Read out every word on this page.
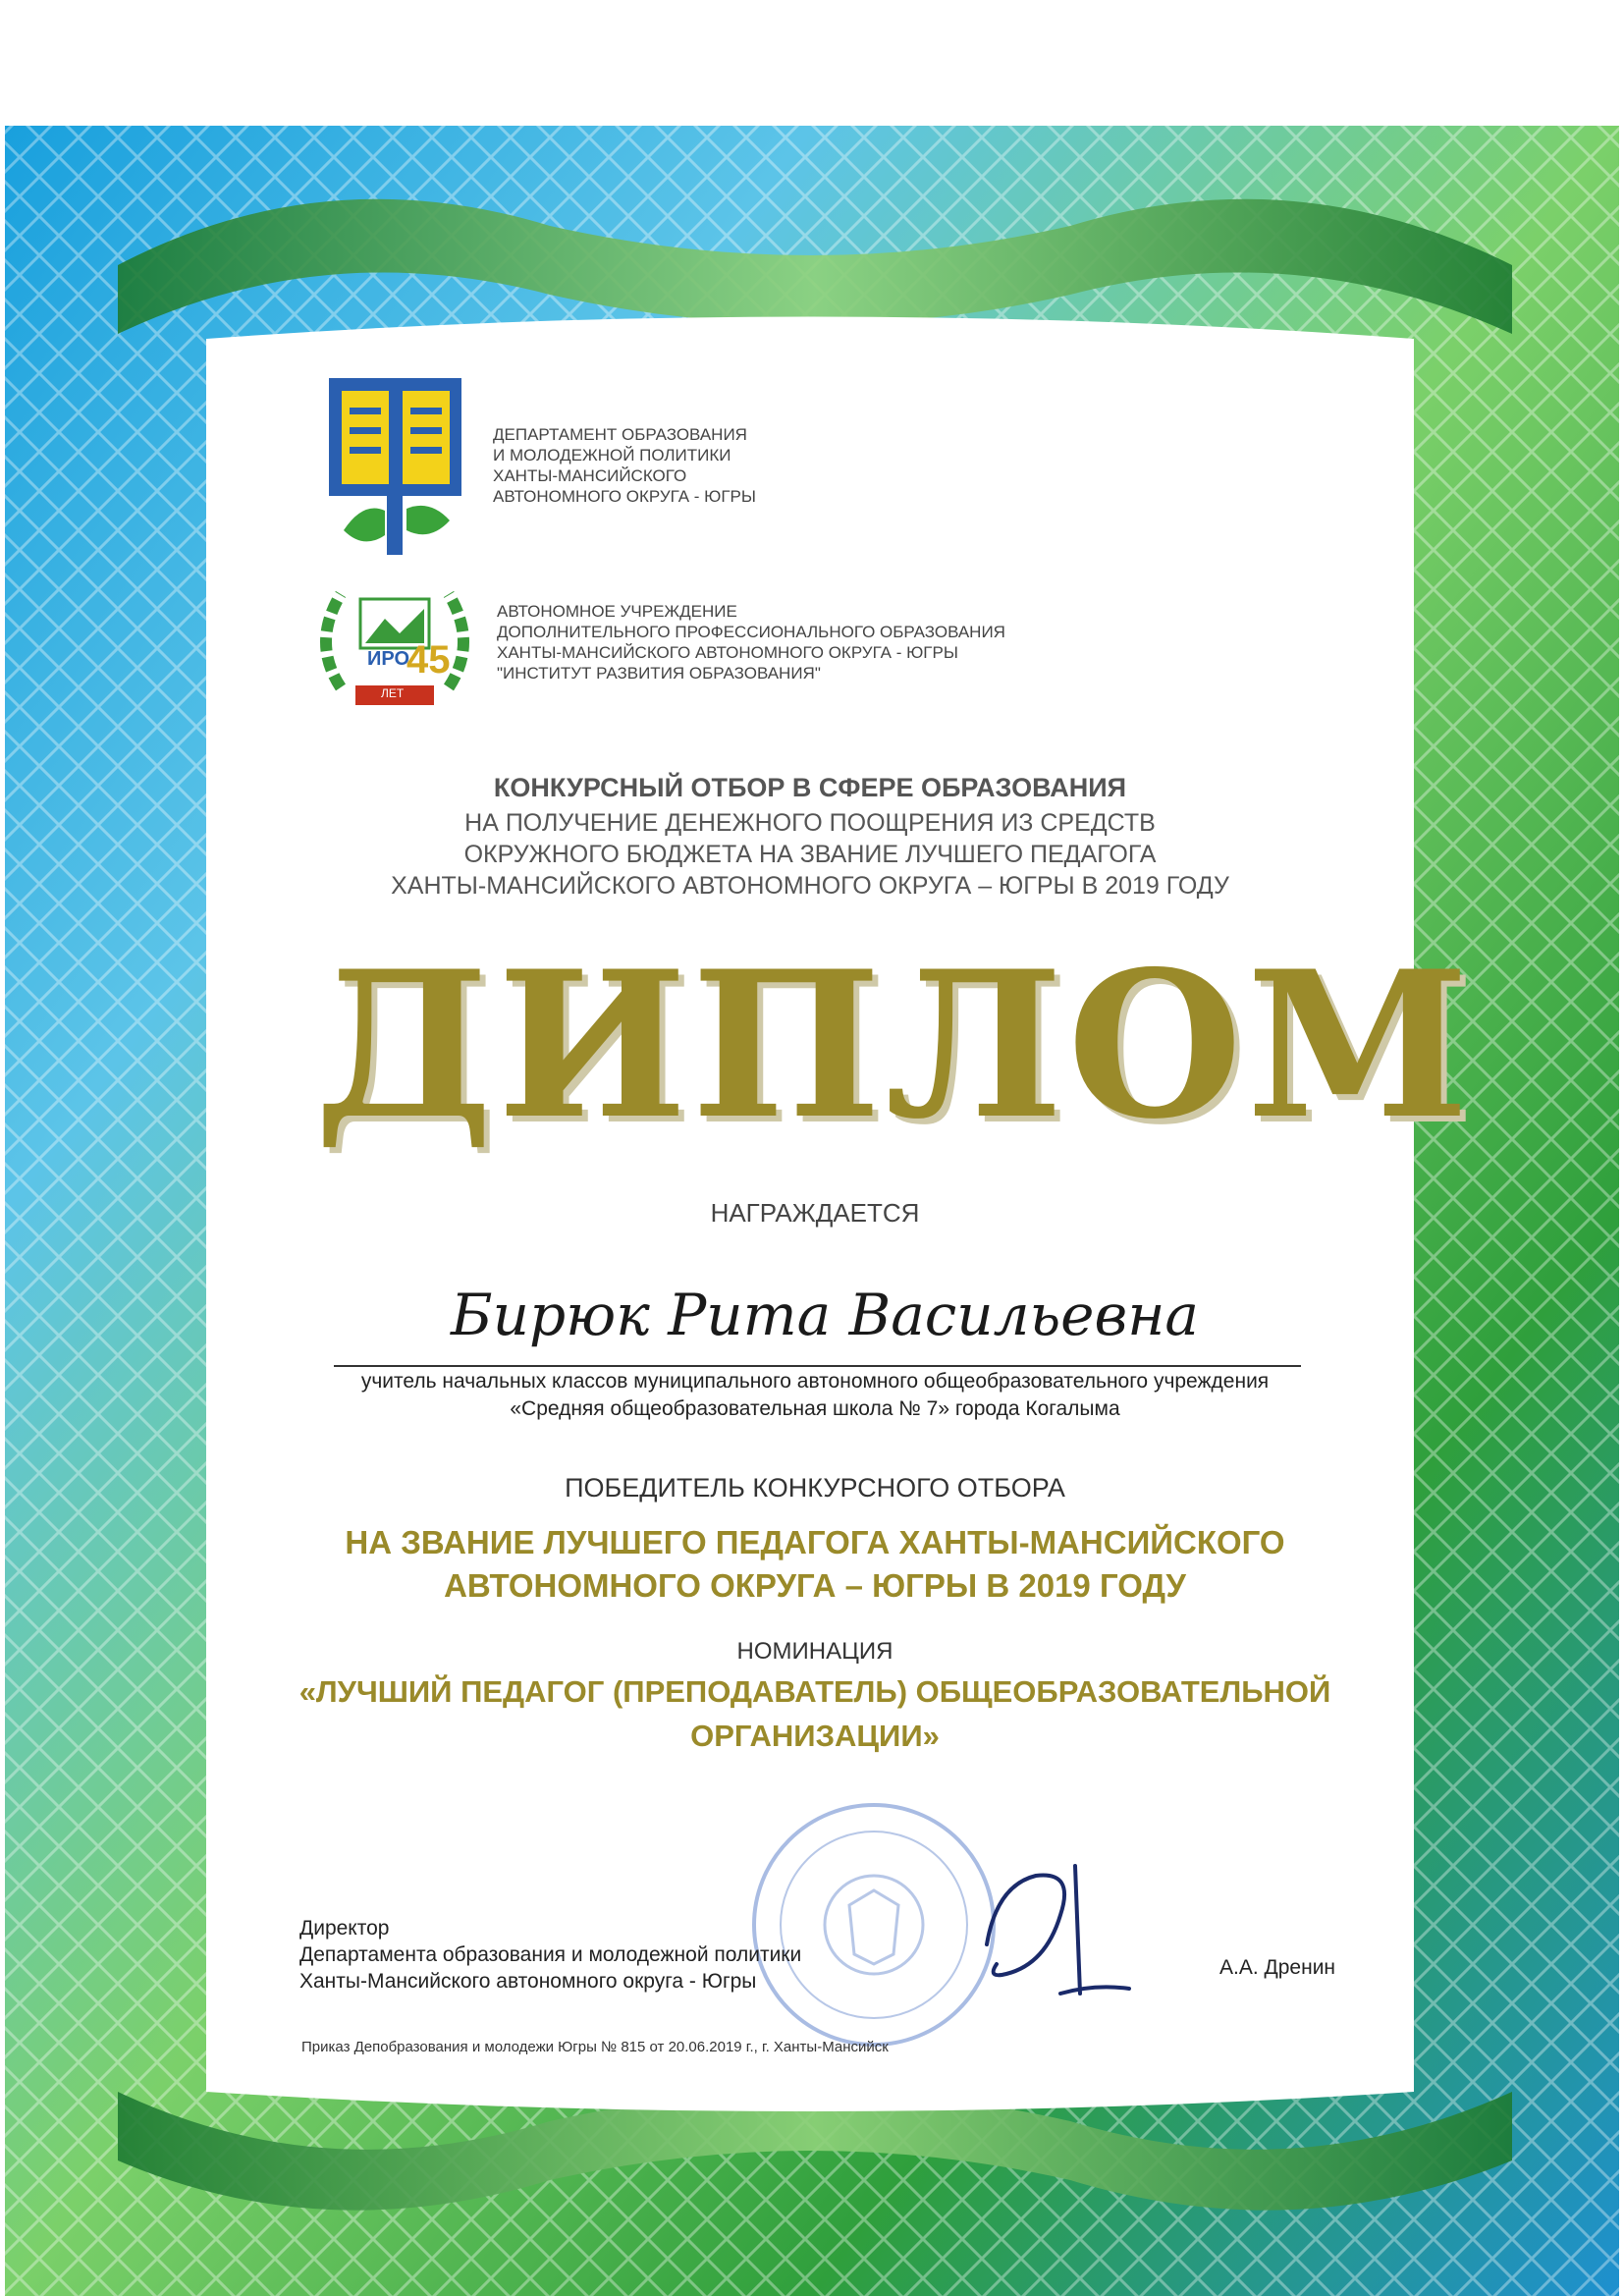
ДЕПАРТАМЕНТ ОБРАЗОВАНИЯ
И МОЛОДЕЖНОЙ ПОЛИТИКИ
ХАНТЫ-МАНСИЙСКОГО
АВТОНОМНОГО ОКРУГА - ЮГРЫ
ИРО
45
ЛЕТ
АВТОНОМНОЕ УЧРЕЖДЕНИЕ
ДОПОЛНИТЕЛЬНОГО ПРОФЕССИОНАЛЬНОГО ОБРАЗОВАНИЯ
ХАНТЫ-МАНСИЙСКОГО АВТОНОМНОГО ОКРУГА - ЮГРЫ
"ИНСТИТУТ РАЗВИТИЯ ОБРАЗОВАНИЯ"
КОНКУРСНЫЙ ОТБОР В СФЕРЕ ОБРАЗОВАНИЯ
НА ПОЛУЧЕНИЕ ДЕНЕЖНОГО ПООЩРЕНИЯ ИЗ СРЕДСТВ
ОКРУЖНОГО БЮДЖЕТА НА ЗВАНИЕ ЛУЧШЕГО ПЕДАГОГА
ХАНТЫ-МАНСИЙСКОГО АВТОНОМНОГО ОКРУГА – ЮГРЫ В 2019 ГОДУ
ДИПЛОМ
НАГРАЖДАЕТСЯ
Бирюк Рита Васильевна
учитель начальных классов муниципального автономного общеобразовательного учреждения
«Средняя общеобразовательная школа № 7» города Когалыма
ПОБЕДИТЕЛЬ КОНКУРСНОГО ОТБОРА
НА ЗВАНИЕ ЛУЧШЕГО ПЕДАГОГА ХАНТЫ-МАНСИЙСКОГО
АВТОНОМНОГО ОКРУГА – ЮГРЫ В 2019 ГОДУ
НОМИНАЦИЯ
«ЛУЧШИЙ ПЕДАГОГ (ПРЕПОДАВАТЕЛЬ) ОБЩЕОБРАЗОВАТЕЛЬНОЙ
ОРГАНИЗАЦИИ»
Директор
Департамента образования и молодежной политики
Ханты-Мансийского автономного округа - Югры
А.А. Дренин
Приказ Депобразования и молодежи Югры № 815 от 20.06.2019 г., г. Ханты-Мансийск
